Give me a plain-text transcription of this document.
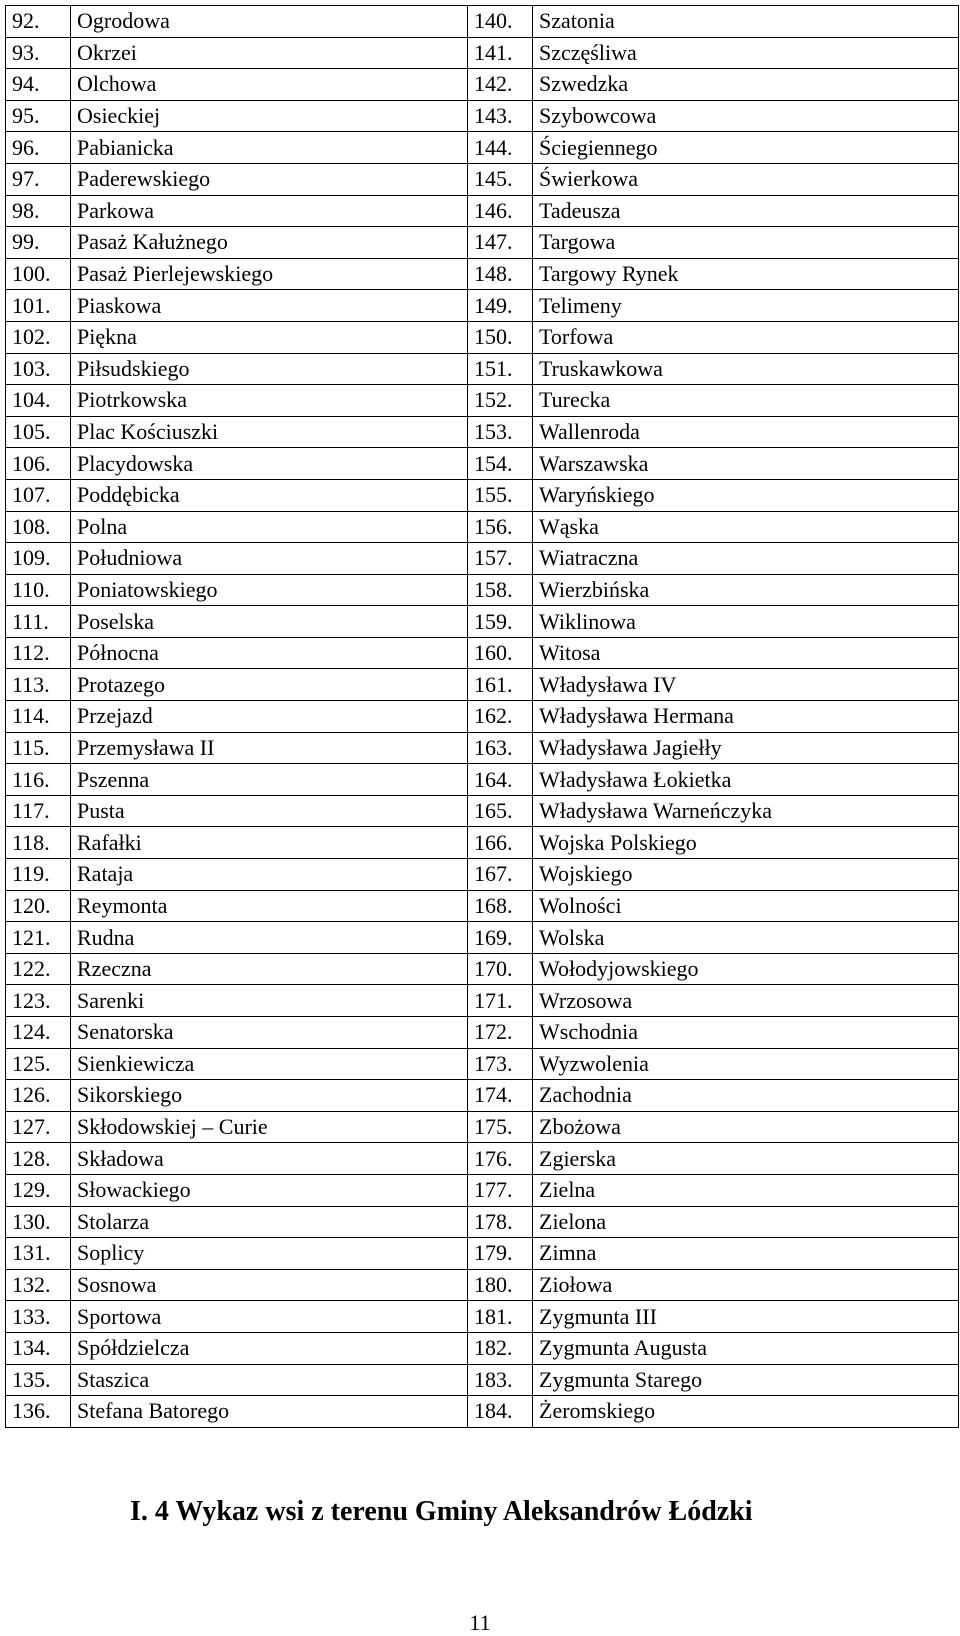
92.	Ogrodowa	140.	Szatonia
93.	Okrzei	141.	Szczęśliwa
94.	Olchowa	142.	Szwedzka
95.	Osieckiej	143.	Szybowcowa
96.	Pabianicka	144.	Ściegiennego
97.	Paderewskiego	145.	Świerkowa
98.	Parkowa	146.	Tadeusza
99.	Pasaż Kałużnego	147.	Targowa
100.	Pasaż Pierlejewskiego	148.	Targowy Rynek
101.	Piaskowa	149.	Telimeny
102.	Piękna	150.	Torfowa
103.	Piłsudskiego	151.	Truskawkowa
104.	Piotrkowska	152.	Turecka
105.	Plac Kościuszki	153.	Wallenroda
106.	Placydowska	154.	Warszawska
107.	Poddębicka	155.	Waryńskiego
108.	Polna	156.	Wąska
109.	Południowa	157.	Wiatraczna
110.	Poniatowskiego	158.	Wierzbińska
111.	Poselska	159.	Wiklinowa
112.	Północna	160.	Witosa
113.	Protazego	161.	Władysława IV
114.	Przejazd	162.	Władysława Hermana
115.	Przemysława II	163.	Władysława Jagiełły
116.	Pszenna	164.	Władysława Łokietka
117.	Pusta	165.	Władysława Warneńczyka
118.	Rafałki	166.	Wojska Polskiego
119.	Rataja	167.	Wojskiego
120.	Reymonta	168.	Wolności
121.	Rudna	169.	Wolska
122.	Rzeczna	170.	Wołodyjowskiego
123.	Sarenki	171.	Wrzosowa
124.	Senatorska	172.	Wschodnia
125.	Sienkiewicza	173.	Wyzwolenia
126.	Sikorskiego	174.	Zachodnia
127.	Skłodowskiej – Curie	175.	Zbożowa
128.	Składowa	176.	Zgierska
129.	Słowackiego	177.	Zielna
130.	Stolarza	178.	Zielona
131.	Soplicy	179.	Zimna
132.	Sosnowa	180.	Ziołowa
133.	Sportowa	181.	Zygmunta III
134.	Spółdzielcza	182.	Zygmunta Augusta
135.	Staszica	183.	Zygmunta Starego
136.	Stefana Batorego	184.	Żeromskiego
I. 4 Wykaz wsi z terenu Gminy Aleksandrów Łódzki
11
